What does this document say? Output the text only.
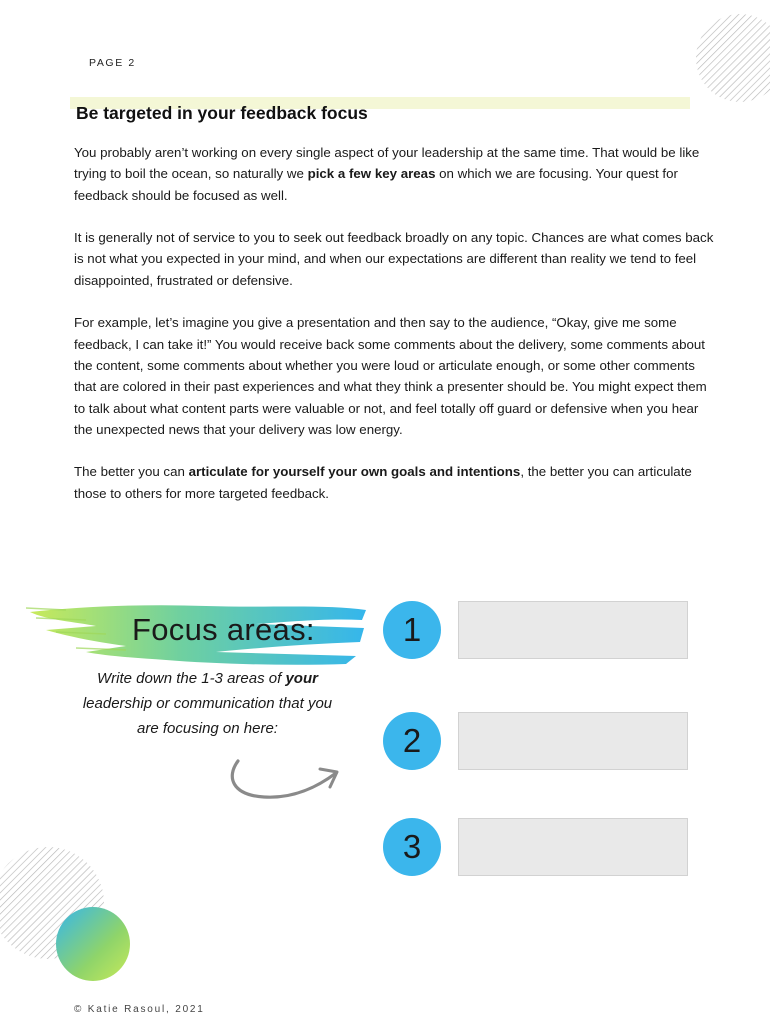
PAGE 2
Be targeted in your feedback focus

You probably aren’t working on every single aspect of your leadership at the same time. That would be like trying to boil the ocean, so naturally we pick a few key areas on which we are focusing. Your quest for feedback should be focused as well.

It is generally not of service to you to seek out feedback broadly on any topic. Chances are what comes back is not what you expected in your mind, and when our expectations are different than reality we tend to feel disappointed, frustrated or defensive.

For example, let’s imagine you give a presentation and then say to the audience, “Okay, give me some feedback, I can take it!” You would receive back some comments about the delivery, some comments about the content, some comments about whether you were loud or articulate enough, or some other comments that are colored in their past experiences and what they think a presenter should be. You might expect them to talk about what content parts were valuable or not, and feel totally off guard or defensive when you hear the unexpected news that your delivery was low energy.

The better you can articulate for yourself your own goals and intentions, the better you can articulate those to others for more targeted feedback.

Focus areas:
Write down the 1-3 areas of your leadership or communication that you are focusing on here:
1
2
3
© Katie Rasoul, 2021
